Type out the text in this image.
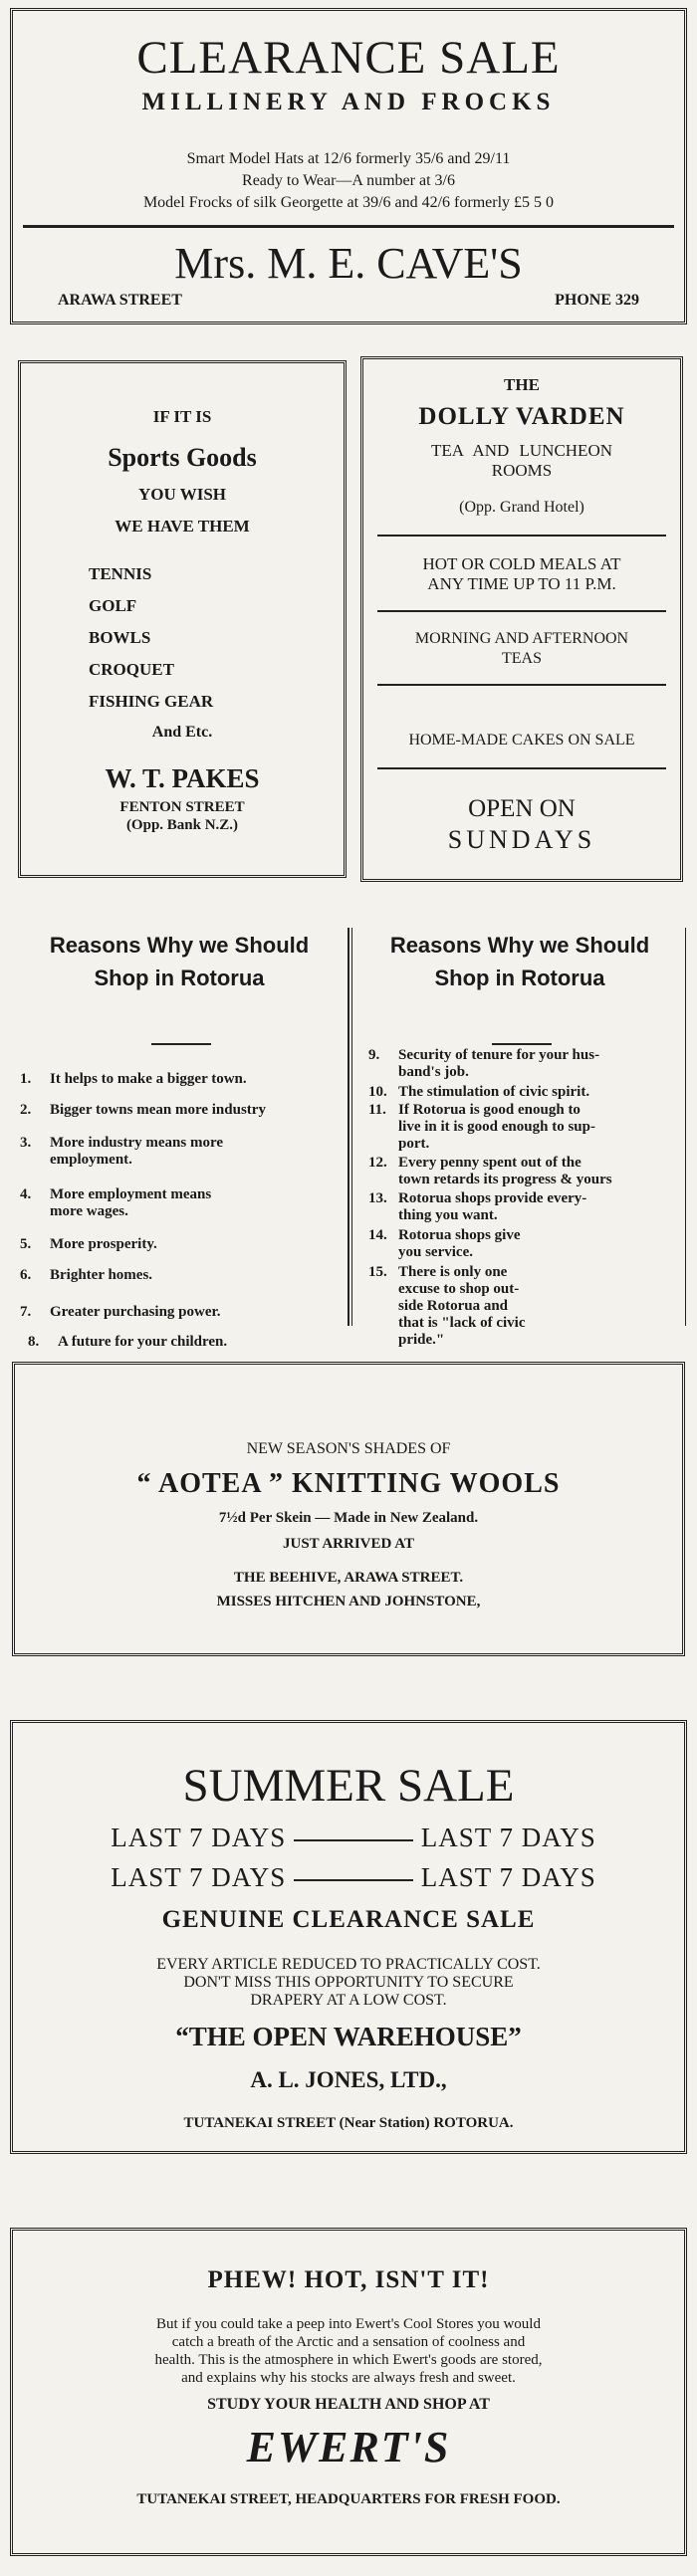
CLEARANCE SALE

MILLINERY AND FROCKS

Smart Model Hats at 12/6 formerly 35/6 and 29/11

Ready to Wear—A number at 3/6

Model Frocks of silk Georgette at 39/6 and 42/6 formerly £5 5 0

Mrs. M. E. CAVE'S

ARAWA STREET	PHONE 329

IF IT IS

Sports Goods

YOU WISH

WE HAVE THEM

TENNIS

GOLF

BOWLS

CROQUET

FISHING GEAR

And Etc.

W. T. PAKES

FENTON STREET

(Opp. Bank N.Z.)

THE

DOLLY VARDEN

TEA AND LUNCHEON

ROOMS

(Opp. Grand Hotel)

HOT OR COLD MEALS AT

ANY TIME UP TO 11 P.M.

MORNING AND AFTERNOON

TEAS

HOME-MADE CAKES ON SALE

OPEN ON

SUNDAYS

Reasons Why we Should

Shop in Rotorua

Reasons Why we Should

Shop in Rotorua

1. It helps to make a bigger town.
2. Bigger towns mean more industry
3. More industry means more
employment.
4. More employment means
more wages.
5. More prosperity.
6. Brighter homes.
7. Greater purchasing power.
8. A future for your children.
9. Security of tenure for your hus-
band's job.
10. The stimulation of civic spirit.
11. If Rotorua is good enough to
live in it is good enough to sup-
port.
12. Every penny spent out of the
town retards its progress & yours
13. Rotorua shops provide every-
thing you want.
14. Rotorua shops give
you service.
15. There is only one
excuse to shop out-
side Rotorua and
that is "lack of civic
pride."

NEW SEASON'S SHADES OF

“ AOTEA ” KNITTING WOOLS

7½d Per Skein — Made in New Zealand.

JUST ARRIVED AT

THE BEEHIVE, ARAWA STREET.

MISSES HITCHEN AND JOHNSTONE,

SUMMER SALE

LAST 7 DAYS	LAST 7 DAYS
LAST 7 DAYS	LAST 7 DAYS

GENUINE CLEARANCE SALE

EVERY ARTICLE REDUCED TO PRACTICALLY COST.

DON'T MISS THIS OPPORTUNITY TO SECURE

DRAPERY AT A LOW COST.

“THE OPEN WAREHOUSE”

A. L. JONES, LTD.,

TUTANEKAI STREET (Near Station) ROTORUA.

PHEW! HOT, ISN'T IT!

But if you could take a peep into Ewert's Cool Stores you would

catch a breath of the Arctic and a sensation of coolness and

health. This is the atmosphere in which Ewert's goods are stored,

and explains why his stocks are always fresh and sweet.

STUDY YOUR HEALTH AND SHOP AT

EWERT'S

TUTANEKAI STREET, HEADQUARTERS FOR FRESH FOOD.
